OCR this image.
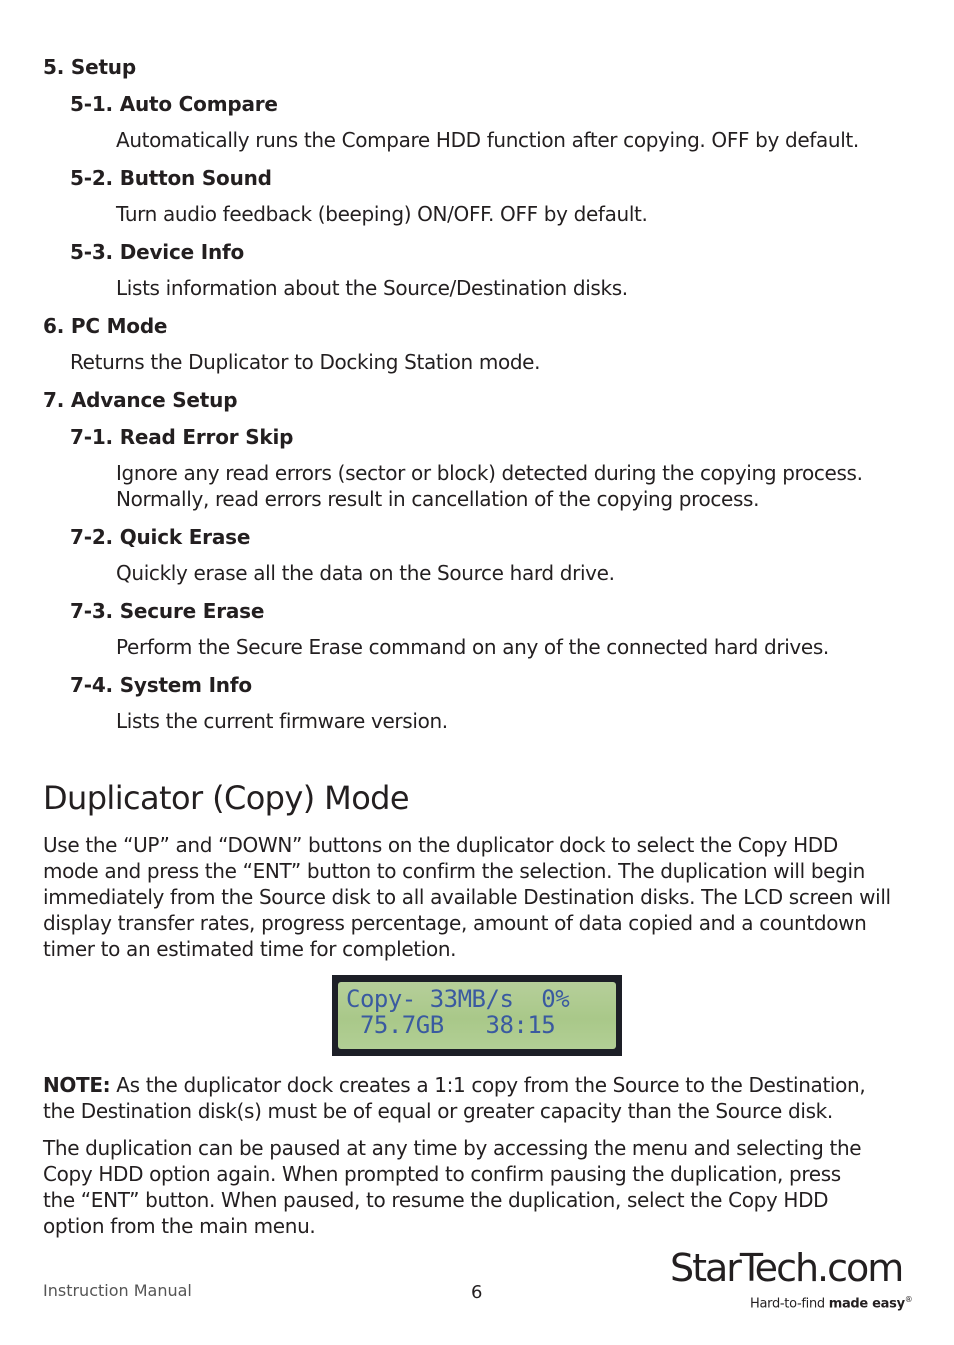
5. Setup
5-1. Auto Compare
Automatically runs the Compare HDD function after copying. OFF by default.
5-2. Button Sound
Turn audio feedback (beeping) ON/OFF. OFF by default.
5-3. Device Info
Lists information about the Source/Destination disks.
6. PC Mode
Returns the Duplicator to Docking Station mode.
7. Advance Setup
7-1. Read Error Skip
Ignore any read errors (sector or block) detected during the copying process.
Normally, read errors result in cancellation of the copying process.
7-2. Quick Erase
Quickly erase all the data on the Source hard drive.
7-3. Secure Erase
Perform the Secure Erase command on any of the connected hard drives.
7-4. System Info
Lists the current firmware version.
Duplicator (Copy) Mode
Use the “UP” and “DOWN” buttons on the duplicator dock to select the Copy HDD
mode and press the “ENT” button to confirm the selection. The duplication will begin
immediately from the Source disk to all available Destination disks. The LCD screen will
display transfer rates, progress percentage, amount of data copied and a countdown
timer to an estimated time for completion.
Copy- 33MB/s  0%
75.7GB   38:15
NOTE: As the duplicator dock creates a 1:1 copy from the Source to the Destination,
the Destination disk(s) must be of equal or greater capacity than the Source disk.
The duplication can be paused at any time by accessing the menu and selecting the
Copy HDD option again. When prompted to confirm pausing the duplication, press
the “ENT” button. When paused, to resume the duplication, select the Copy HDD
option from the main menu.
Instruction Manual	6
StarTech.com
Hard-to-find made easy®
